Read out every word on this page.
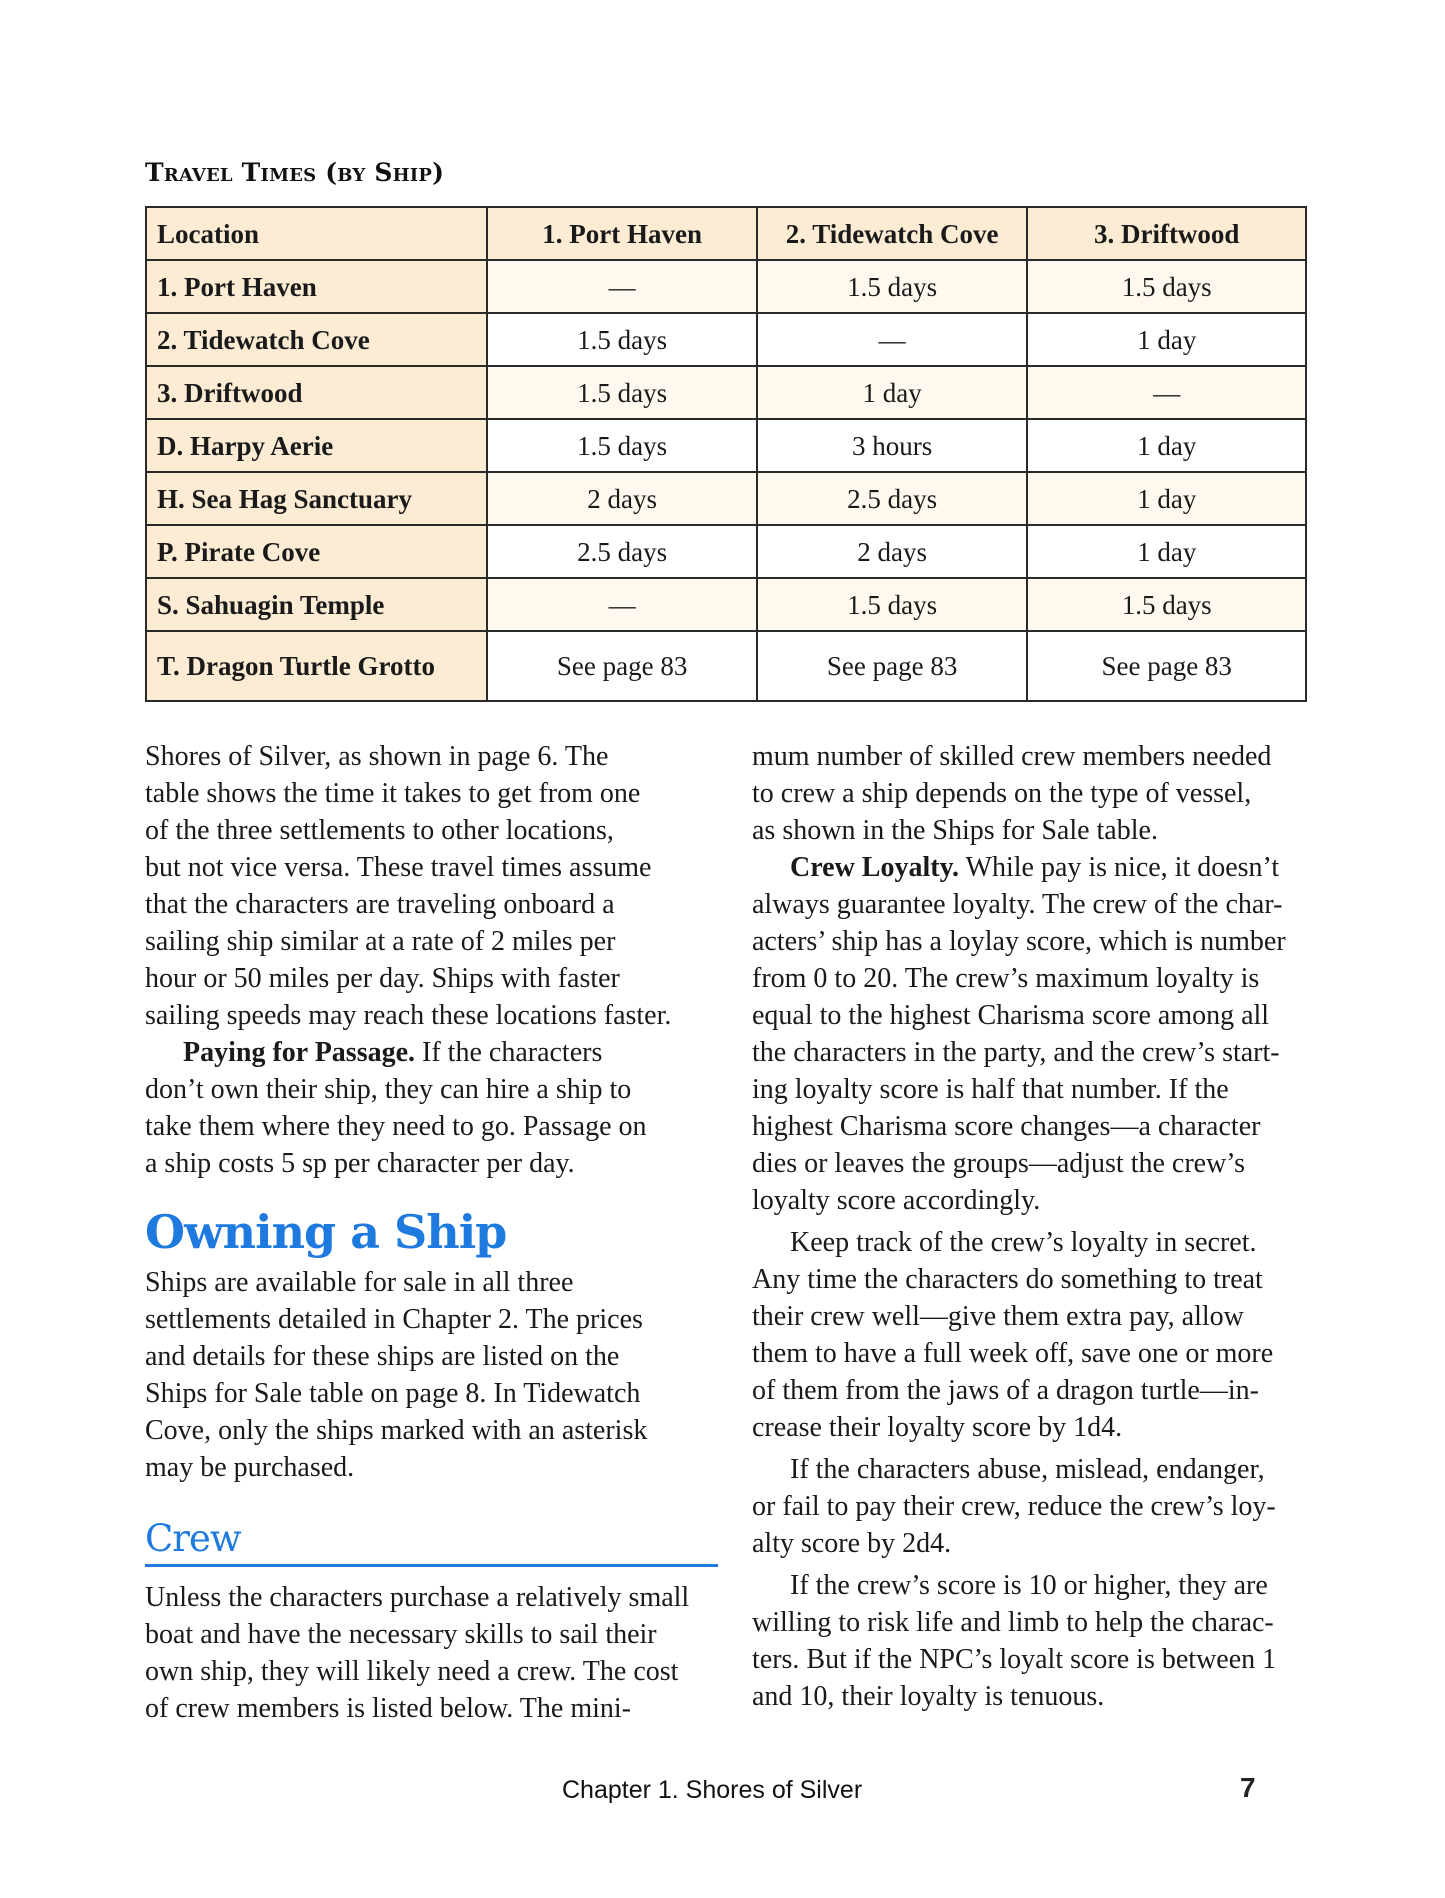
Travel Times (by Ship)
Location	1. Port Haven	2. Tidewatch Cove	3. Driftwood
1. Port Haven	—	1.5 days	1.5 days
2. Tidewatch Cove	1.5 days	—	1 day
3. Driftwood	1.5 days	1 day	—
D. Harpy Aerie	1.5 days	3 hours	1 day
H. Sea Hag Sanctuary	2 days	2.5 days	1 day
P. Pirate Cove	2.5 days	2 days	1 day
S. Sahuagin Temple	—	1.5 days	1.5 days
T. Dragon Turtle Grotto	See page 83	See page 83	See page 83
Shores of Silver, as shown in page 6. The
table shows the time it takes to get from one
of the three settlements to other locations,
but not vice versa. These travel times assume
that the characters are traveling onboard a
sailing ship similar at a rate of 2 miles per
hour or 50 miles per day. Ships with faster
sailing speeds may reach these locations faster.
Paying for Passage. If the characters
don’t own their ship, they can hire a ship to
take them where they need to go. Passage on
a ship costs 5 sp per character per day.
Owning a Ship
Ships are available for sale in all three
settlements detailed in Chapter 2. The prices
and details for these ships are listed on the
Ships for Sale table on page 8. In Tidewatch
Cove, only the ships marked with an asterisk
may be purchased.
Crew
Unless the characters purchase a relatively small
boat and have the necessary skills to sail their
own ship, they will likely need a crew. The cost
of crew members is listed below. The mini-
mum number of skilled crew members needed
to crew a ship depends on the type of vessel,
as shown in the Ships for Sale table.
Crew Loyalty. While pay is nice, it doesn’t
always guarantee loyalty. The crew of the char-
acters’ ship has a loylay score, which is number
from 0 to 20. The crew’s maximum loyalty is
equal to the highest Charisma score among all
the characters in the party, and the crew’s start-
ing loyalty score is half that number. If the
highest Charisma score changes—a character
dies or leaves the groups—adjust the crew’s
loyalty score accordingly.
Keep track of the crew’s loyalty in secret.
Any time the characters do something to treat
their crew well—give them extra pay, allow
them to have a full week off, save one or more
of them from the jaws of a dragon turtle—in-
crease their loyalty score by 1d4.
If the characters abuse, mislead, endanger,
or fail to pay their crew, reduce the crew’s loy-
alty score by 2d4.
If the crew’s score is 10 or higher, they are
willing to risk life and limb to help the charac-
ters. But if the NPC’s loyalt score is between 1
and 10, their loyalty is tenuous.
Chapter 1. Shores of Silver	7
